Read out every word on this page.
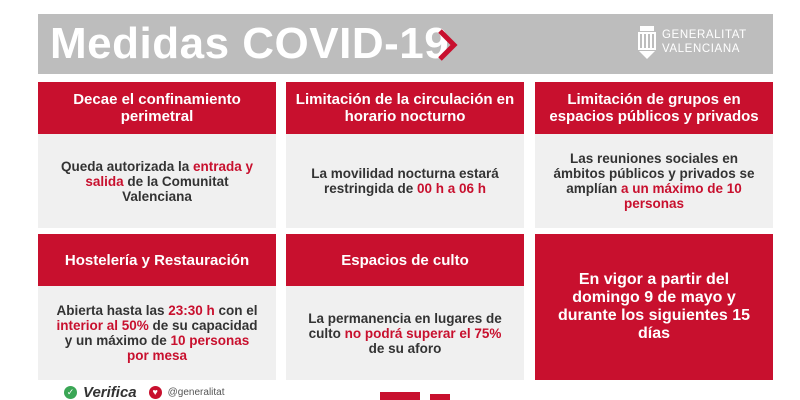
Medidas COVID-19	GENERALITAT
VALENCIANA
Decae el confinamiento perimetral
Queda autorizada la entrada y salida de la Comunitat Valenciana
Limitación de la circulación en horario nocturno
La movilidad nocturna estará restringida de 00 h a 06 h
Limitación de grupos en espacios públicos y privados
Las reuniones sociales en ámbitos públicos y privados se amplían a un máximo de 10 personas
Hostelería y Restauración
Abierta hasta las 23:30 h con el interior al 50% de su capacidad y un máximo de 10 personas por mesa
Espacios de culto
La permanencia en lugares de culto no podrá superar el 75% de su aforo
En vigor a partir del domingo 9 de mayo y durante los siguientes 15 días
✓ Verifica	♥ @generalitat
